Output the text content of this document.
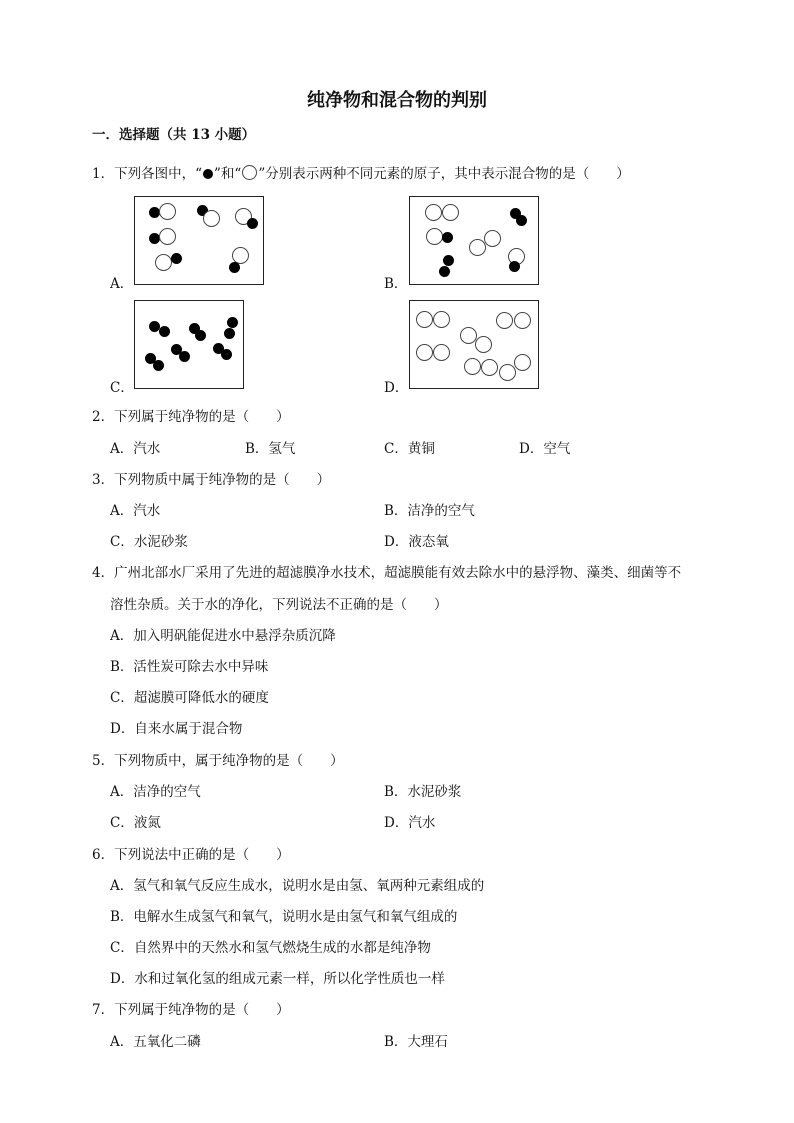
纯净物和混合物的判别
一．选择题（共 13 小题）
1．下列各图中，“ ”和“ ”分别表示两种不同元素的原子，其中表示混合物的是（　　）
A．	B．
C．	D．
2．下列属于纯净物的是（　　）
A．汽水	B．氢气	C．黄铜	D．空气
3．下列物质中属于纯净物的是（　　）
A．汽水	B．洁净的空气
C．水泥砂浆	D．液态氧
4．广州北部水厂采用了先进的超滤膜净水技术，超滤膜能有效去除水中的悬浮物、藻类、细菌等不
溶性杂质。关于水的净化，下列说法不正确的是（　　）
A．加入明矾能促进水中悬浮杂质沉降
B．活性炭可除去水中异味
C．超滤膜可降低水的硬度
D．自来水属于混合物
5．下列物质中，属于纯净物的是（　　）
A．洁净的空气	B．水泥砂浆
C．液氮	D．汽水
6．下列说法中正确的是（　　）
A．氢气和氧气反应生成水，说明水是由氢、氧两种元素组成的
B．电解水生成氢气和氧气，说明水是由氢气和氧气组成的
C．自然界中的天然水和氢气燃烧生成的水都是纯净物
D．水和过氧化氢的组成元素一样，所以化学性质也一样
7．下列属于纯净物的是（　　）
A．五氧化二磷	B．大理石
